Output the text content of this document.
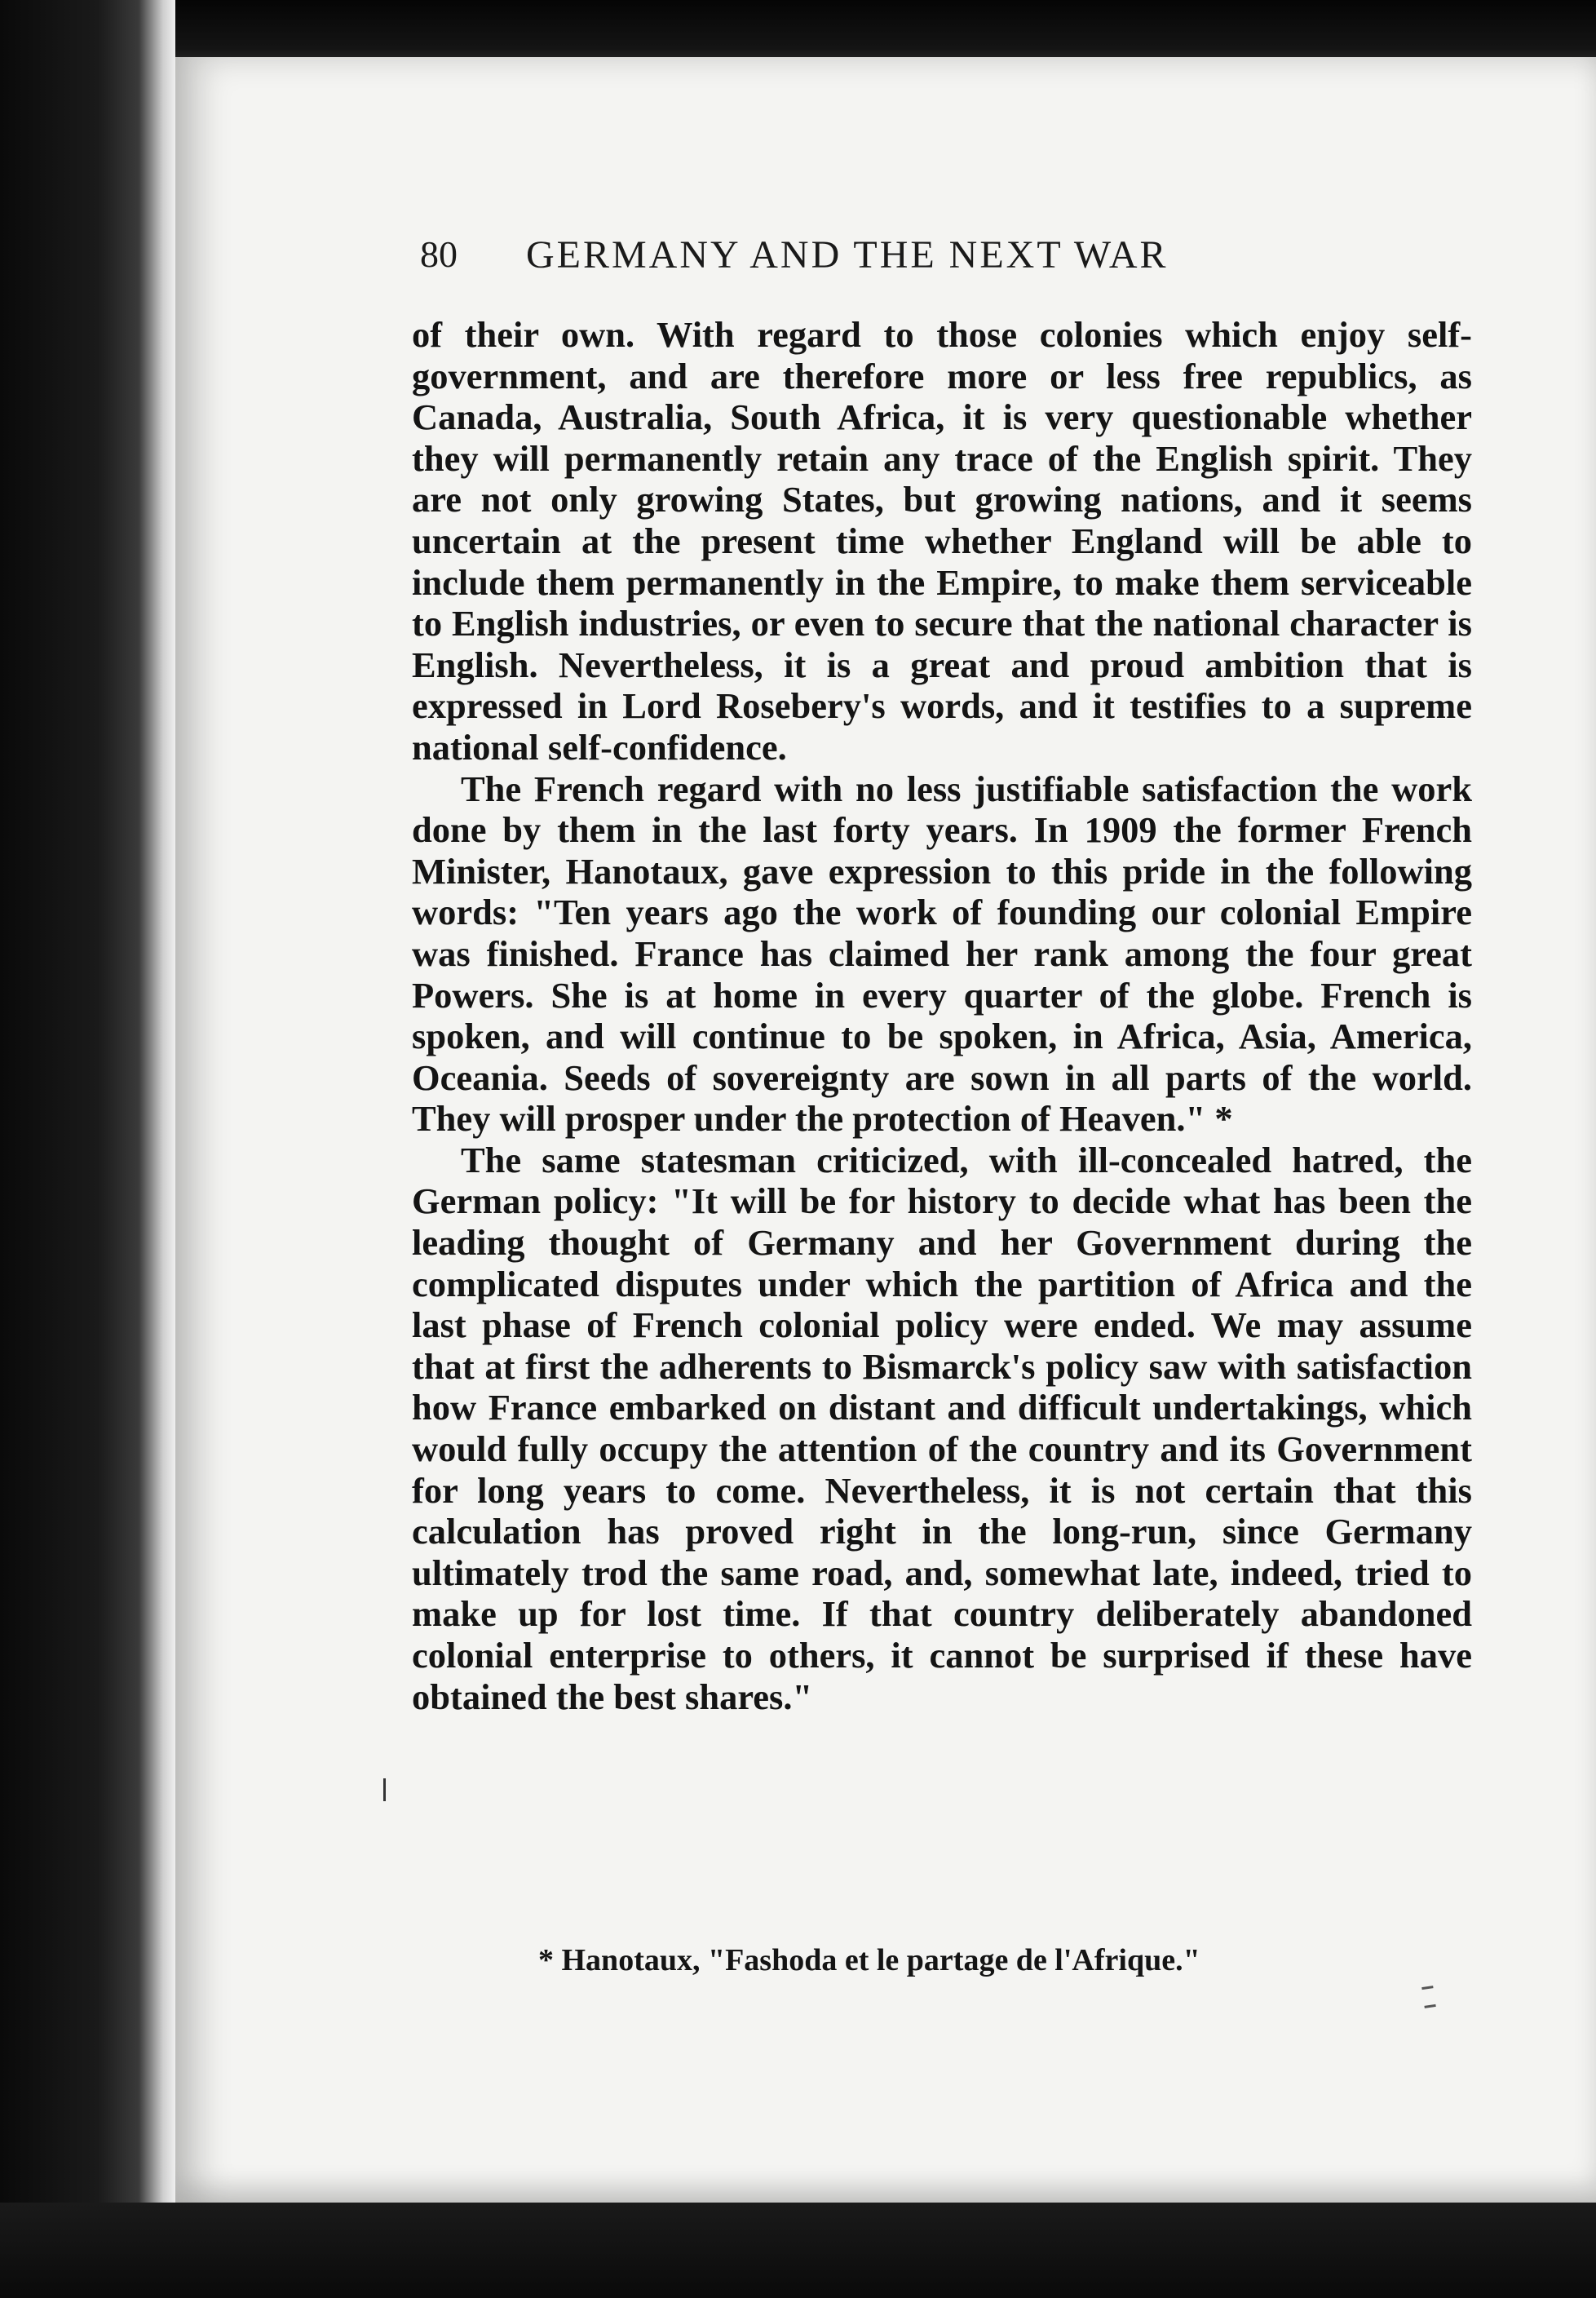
80 GERMANY AND THE NEXT WAR

of their own. With regard to those colonies which enjoy self-government, and are therefore more or less free republics, as Canada, Australia, South Africa, it is very questionable whether they will permanently retain any trace of the English spirit. They are not only growing States, but growing nations, and it seems uncertain at the present time whether England will be able to include them permanently in the Empire, to make them serviceable to English industries, or even to secure that the national character is English. Nevertheless, it is a great and proud ambition that is expressed in Lord Rosebery's words, and it testifies to a supreme national self-confidence.

The French regard with no less justifiable satisfaction the work done by them in the last forty years. In 1909 the former French Minister, Hanotaux, gave expression to this pride in the following words: "Ten years ago the work of founding our colonial Empire was finished. France has claimed her rank among the four great Powers. She is at home in every quarter of the globe. French is spoken, and will continue to be spoken, in Africa, Asia, America, Oceania. Seeds of sovereignty are sown in all parts of the world. They will prosper under the protection of Heaven." *

The same statesman criticized, with ill-concealed hatred, the German policy: "It will be for history to decide what has been the leading thought of Germany and her Government during the complicated disputes under which the partition of Africa and the last phase of French colonial policy were ended. We may assume that at first the adherents to Bismarck's policy saw with satisfaction how France embarked on distant and difficult undertakings, which would fully occupy the attention of the country and its Government for long years to come. Nevertheless, it is not certain that this calculation has proved right in the long-run, since Germany ultimately trod the same road, and, somewhat late, indeed, tried to make up for lost time. If that country deliberately abandoned colonial enterprise to others, it cannot be surprised if these have obtained the best shares."

* Hanotaux, "Fashoda et le partage de l'Afrique."
